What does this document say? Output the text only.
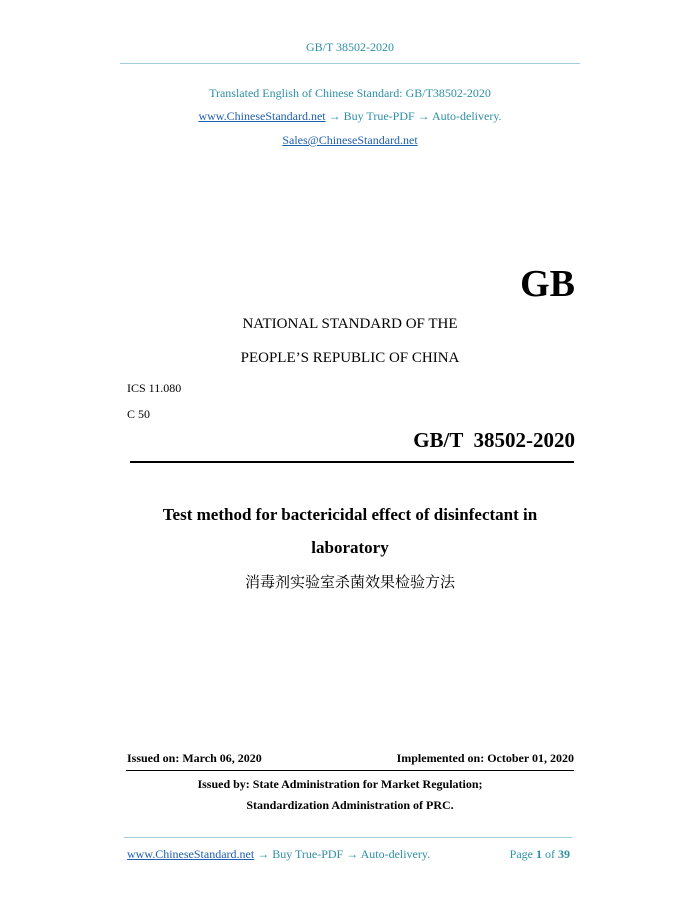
GB/T 38502-2020
Translated English of Chinese Standard: GB/T38502-2020
www.ChineseStandard.net → Buy True-PDF → Auto-delivery.
Sales@ChineseStandard.net
GB
NATIONAL STANDARD OF THE
PEOPLE’S REPUBLIC OF CHINA
ICS 11.080
C 50
GB/T  38502-2020
Test method for bactericidal effect of disinfectant in
laboratory
消毒剂实验室杀菌效果检验方法
Issued on: March 06, 2020	Implemented on: October 01, 2020
Issued by: State Administration for Market Regulation;
Standardization Administration of PRC.
www.ChineseStandard.net → Buy True-PDF → Auto-delivery.	Page 1 of 39
